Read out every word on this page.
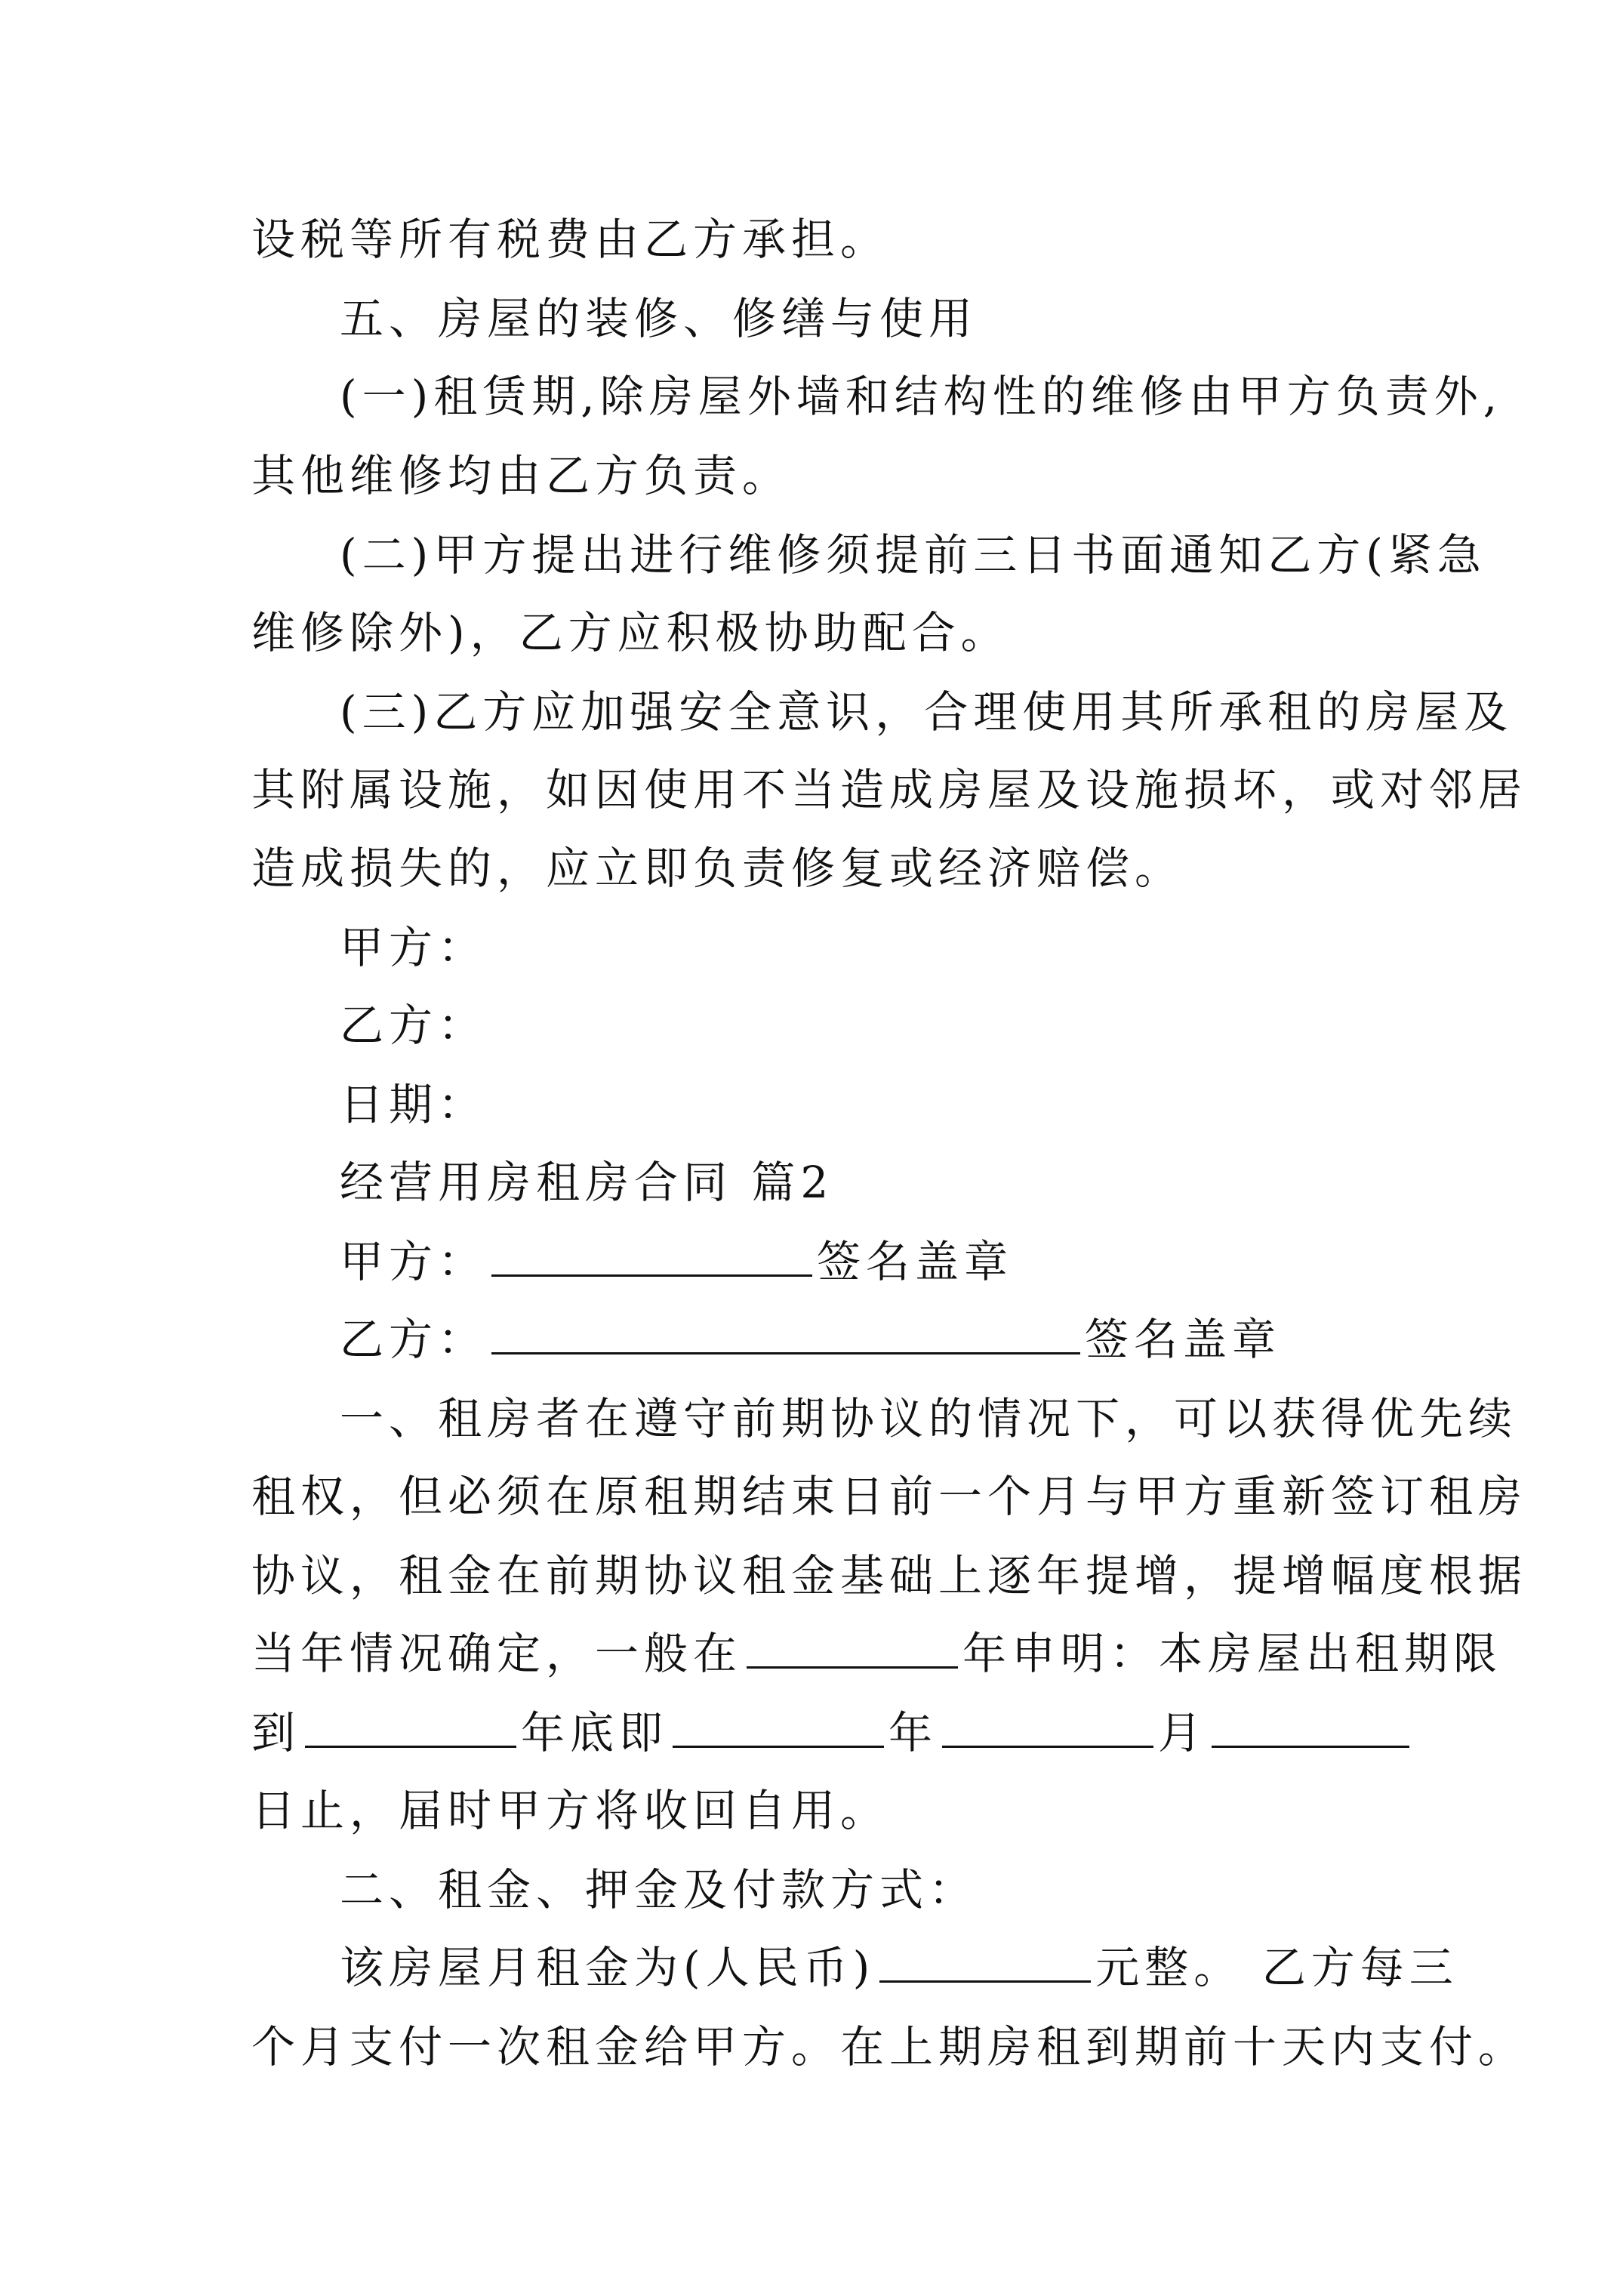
设税等所有税费由乙方承担。
五、房屋的装修、修缮与使用
(一)租赁期,除房屋外墙和结构性的维修由甲方负责外,
其他维修均由乙方负责。
(二)甲方提出进行维修须提前三日书面通知乙方(紧急
维修除外)，乙方应积极协助配合。
(三)乙方应加强安全意识，合理使用其所承租的房屋及
其附属设施，如因使用不当造成房屋及设施损坏，或对邻居
造成损失的，应立即负责修复或经济赔偿。
甲方：
乙方：
日期：
经营用房租房合同 篇2
甲方：	签名盖章
乙方：	签名盖章
一、租房者在遵守前期协议的情况下，可以获得优先续
租权，但必须在原租期结束日前一个月与甲方重新签订租房
协议，租金在前期协议租金基础上逐年提增，提增幅度根据
当年情况确定，一般在	年申明：本房屋出租期限
到	年底即	年	月
日止，届时甲方将收回自用。
二、租金、押金及付款方式：
该房屋月租金为(人民币)	元整。 乙方每三
个月支付一次租金给甲方。在上期房租到期前十天内支付。
